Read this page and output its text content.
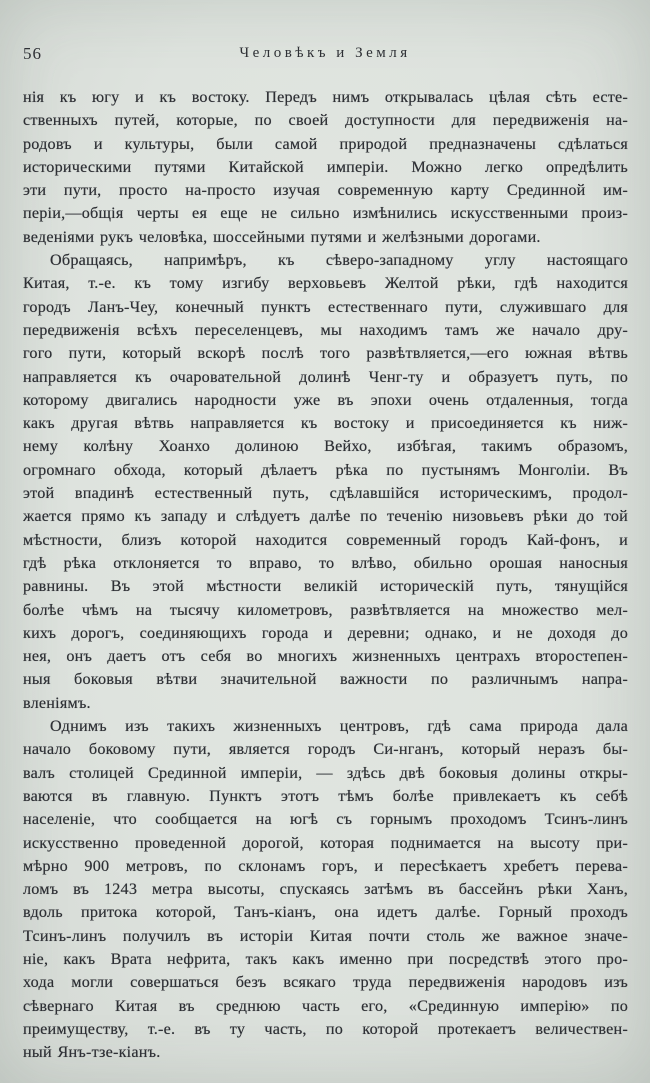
56	Человѣкъ и Земля
нія къ югу и къ востоку. Передъ нимъ открывалась цѣлая сѣть есте-
ственныхъ путей, которые, по своей доступности для передвиженія на-
родовъ и культуры, были самой природой предназначены сдѣлаться
историческими путями Китайской имперіи. Можно легко опредѣлить
эти пути, просто на-просто изучая современную карту Срединной им-
періи,—общія черты ея еще не сильно измѣнились искусственными произ-
веденіями рукъ человѣка, шоссейными путями и желѣзными дорогами.
Обращаясь, напримѣръ, къ сѣверо-западному углу настоящаго
Китая, т.-е. къ тому изгибу верховьевъ Желтой рѣки, гдѣ находится
городъ Ланъ-Чеу, конечный пунктъ естественнаго пути, служившаго для
передвиженія всѣхъ переселенцевъ, мы находимъ тамъ же начало дру-
гого пути, который вскорѣ послѣ того развѣтвляется,—его южная вѣтвь
направляется къ очаровательной долинѣ Ченг-ту и образуетъ путь, по
которому двигались народности уже въ эпохи очень отдаленныя, тогда
какъ другая вѣтвь направляется къ востоку и присоединяется къ ниж-
нему колѣну Хоанхо долиною Вейхо, избѣгая, такимъ образомъ,
огромнаго обхода, который дѣлаетъ рѣка по пустынямъ Монголіи. Въ
этой впадинѣ естественный путь, сдѣлавшійся историческимъ, продол-
жается прямо къ западу и слѣдуетъ далѣе по теченію низовьевъ рѣки до той
мѣстности, близъ которой находится современный городъ Кай-фонъ, и
гдѣ рѣка отклоняется то вправо, то влѣво, обильно орошая наносныя
равнины. Въ этой мѣстности великій историческій путь, тянущійся
болѣе чѣмъ на тысячу километровъ, развѣтвляется на множество мел-
кихъ дорогъ, соединяющихъ города и деревни; однако, и не доходя до
нея, онъ даетъ отъ себя во многихъ жизненныхъ центрахъ второстепен-
ныя боковыя вѣтви значительной важности по различнымъ напра-
вленіямъ.
Однимъ изъ такихъ жизненныхъ центровъ, гдѣ сама природа дала
начало боковому пути, является городъ Си-нганъ, который неразъ бы-
валъ столицей Срединной имперіи, — здѣсь двѣ боковыя долины откры-
ваются въ главную. Пунктъ этотъ тѣмъ болѣе привлекаетъ къ себѣ
населеніе, что сообщается на югѣ съ горнымъ проходомъ Тсинъ-линъ
искусственно проведенной дорогой, которая поднимается на высоту при-
мѣрно 900 метровъ, по склонамъ горъ, и пересѣкаетъ хребетъ перева-
ломъ въ 1243 метра высоты, спускаясь затѣмъ въ бассейнъ рѣки Ханъ,
вдоль притока которой, Танъ-кіанъ, она идетъ далѣе. Горный проходъ
Тсинъ-линъ получилъ въ исторіи Китая почти столь же важное значе-
ніе, какъ Врата нефрита, такъ какъ именно при посредствѣ этого про-
хода могли совершаться безъ всякаго труда передвиженія народовъ изъ
сѣвернаго Китая въ среднюю часть его, «Срединную имперію» по
преимуществу, т.-е. въ ту часть, по которой протекаетъ величествен-
ный Янъ-тзе-кіанъ.
